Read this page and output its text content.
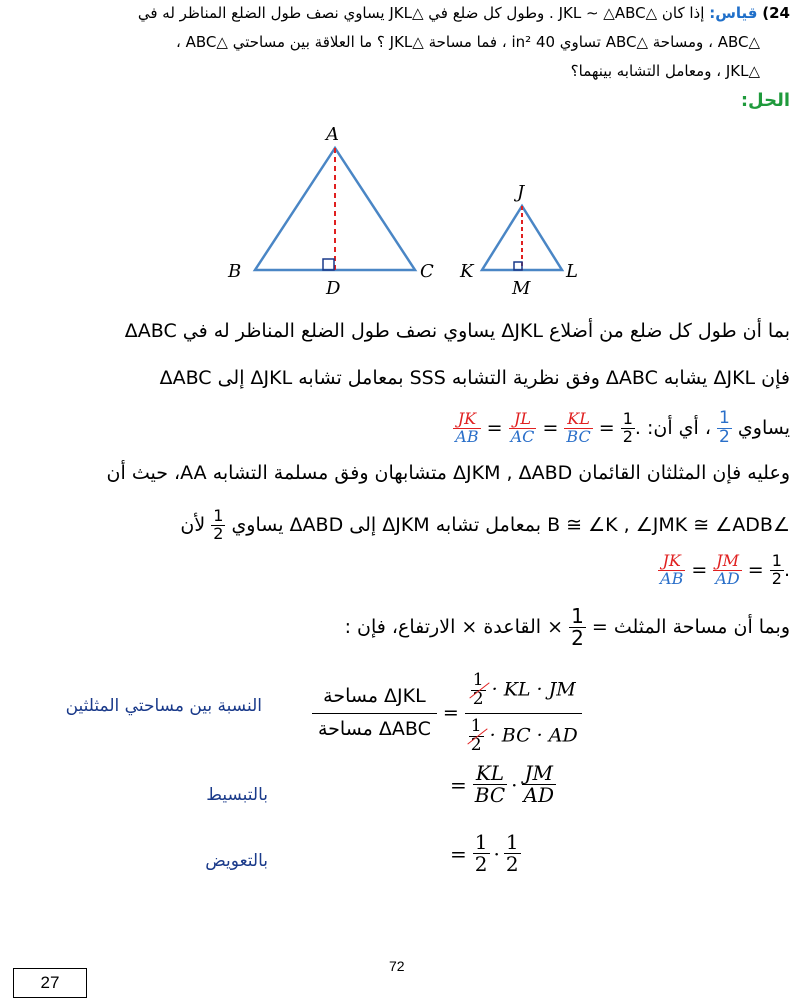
24) قياس: إذا كان △JKL ∼ △ABC . وطول كل ضلع في △JKL يساوي نصف طول الضلع المناظر له في

△ABC ، ومساحة △ABC تساوي 40 in² ، فما مساحة △JKL ؟ ما العلاقة بين مساحتي △ABC ،

△JKL ، ومعامل التشابه بينهما؟

الحل:

A
B	C
D
J
K	L
M

بما أن طول كل ضلع من أضلاع ΔJKL يساوي نصف طول الضلع المناظر له في ΔABC

فإن ΔJKL يشابه ΔABC وفق نظرية التشابه SSS بمعامل تشابه ΔJKL إلى ΔABC

يساوي
$\frac{1}{2}$
، أي أن:
$\frac{JK}{AB} = \frac{JL}{AC} = \frac{KL}{BC} = \frac{1}{2}$ .

وعليه فإن المثلثان القائمان ΔJKM , ΔABD متشابهان وفق مسلمة التشابه AA، حيث أن

∠B ≅ ∠K , ∠JMK ≅ ∠ADB بمعامل تشابه ΔJKM إلى ΔABD يساوي
$\frac{1}{2}$
لأن

$\frac{JK}{AB} = \frac{JM}{AD} = \frac{1}{2}$ .

وبما أن مساحة المثلث =
$\frac{1}{2}$
× القاعدة × الارتفاع، فإن :

$\frac{\text{مساحة ΔJKL}}{\text{مساحة ΔABC}} = \frac{\frac{1}{2} \cdot KL \cdot JM}{\frac{1}{2} \cdot BC \cdot AD}$
= $\frac{KL}{BC} \cdot \frac{JM}{AD}$
= $\frac{1}{2} \cdot \frac{1}{2}$
النسبة بين مساحتي المثلثين
بالتبسيط
بالتعويض
72
27
